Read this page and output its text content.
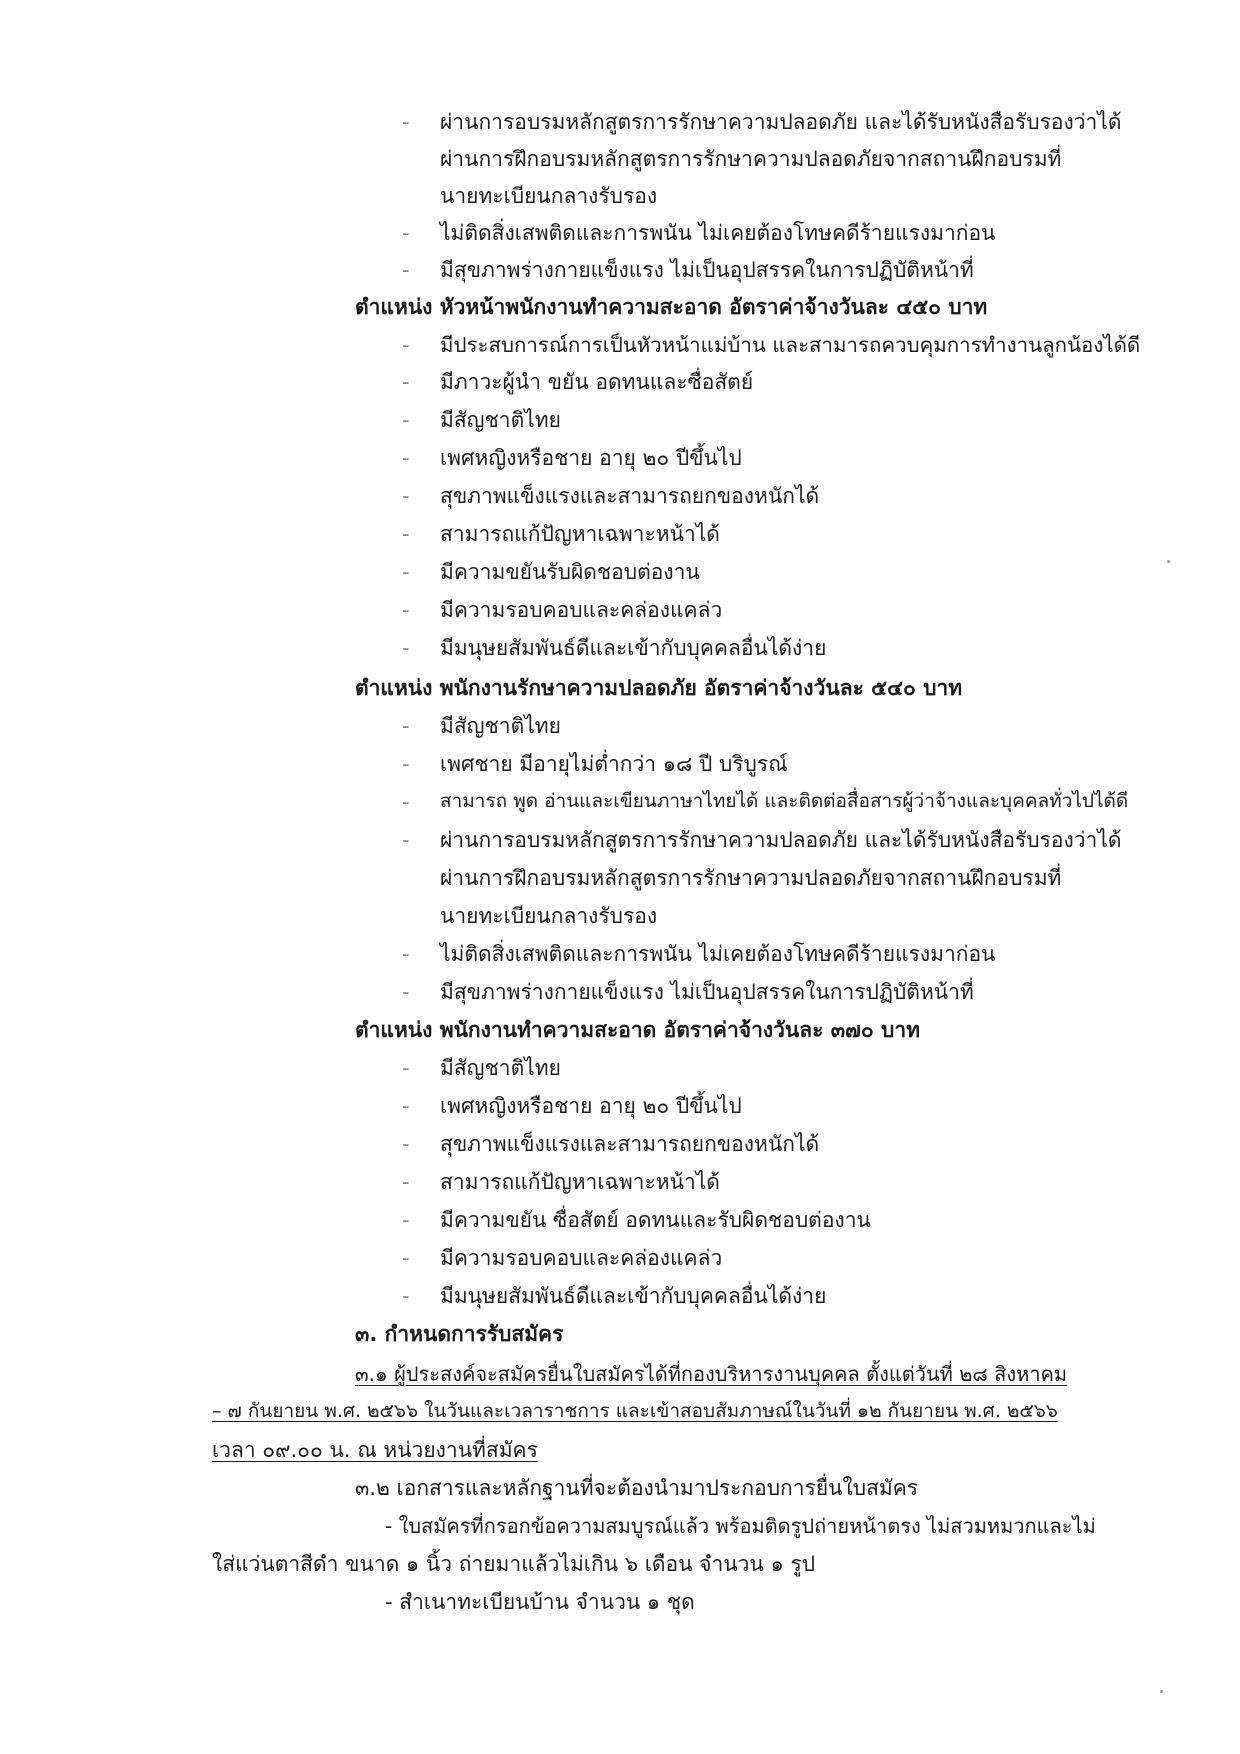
- ผ่านการอบรมหลักสูตรการรักษาความปลอดภัย และได้รับหนังสือรับรองว่าได้
ผ่านการฝึกอบรมหลักสูตรการรักษาความปลอดภัยจากสถานฝึกอบรมที่
นายทะเบียนกลางรับรอง
- ไม่ติดสิ่งเสพติดและการพนัน ไม่เคยต้องโทษคดีร้ายแรงมาก่อน
- มีสุขภาพร่างกายแข็งแรง ไม่เป็นอุปสรรคในการปฏิบัติหน้าที่
ตำแหน่ง หัวหน้าพนักงานทำความสะอาด อัตราค่าจ้างวันละ ๔๕๐ บาท
- มีประสบการณ์การเป็นหัวหน้าแม่บ้าน และสามารถควบคุมการทำงานลูกน้องได้ดี
- มีภาวะผู้นำ ขยัน อดทนและซื่อสัตย์
- มีสัญชาติไทย
- เพศหญิงหรือชาย อายุ ๒๐ ปีขึ้นไป
- สุขภาพแข็งแรงและสามารถยกของหนักได้
- สามารถแก้ปัญหาเฉพาะหน้าได้
- มีความขยันรับผิดชอบต่องาน
- มีความรอบคอบและคล่องแคล่ว
- มีมนุษยสัมพันธ์ดีและเข้ากับบุคคลอื่นได้ง่าย
ตำแหน่ง พนักงานรักษาความปลอดภัย อัตราค่าจ้างวันละ ๕๔๐ บาท
- มีสัญชาติไทย
- เพศชาย มีอายุไม่ต่ำกว่า ๑๘ ปี บริบูรณ์
- สามารถ พูด อ่านและเขียนภาษาไทยได้ และติดต่อสื่อสารผู้ว่าจ้างและบุคคลทั่วไปได้ดี
- ผ่านการอบรมหลักสูตรการรักษาความปลอดภัย และได้รับหนังสือรับรองว่าได้
ผ่านการฝึกอบรมหลักสูตรการรักษาความปลอดภัยจากสถานฝึกอบรมที่
นายทะเบียนกลางรับรอง
- ไม่ติดสิ่งเสพติดและการพนัน ไม่เคยต้องโทษคดีร้ายแรงมาก่อน
- มีสุขภาพร่างกายแข็งแรง ไม่เป็นอุปสรรคในการปฏิบัติหน้าที่
ตำแหน่ง พนักงานทำความสะอาด อัตราค่าจ้างวันละ ๓๗๐ บาท
- มีสัญชาติไทย
- เพศหญิงหรือชาย อายุ ๒๐ ปีขึ้นไป
- สุขภาพแข็งแรงและสามารถยกของหนักได้
- สามารถแก้ปัญหาเฉพาะหน้าได้
- มีความขยัน ซื่อสัตย์ อดทนและรับผิดชอบต่องาน
- มีความรอบคอบและคล่องแคล่ว
- มีมนุษยสัมพันธ์ดีและเข้ากับบุคคลอื่นได้ง่าย
๓. กำหนดการรับสมัคร
๓.๑ ผู้ประสงค์จะสมัครยื่นใบสมัครได้ที่กองบริหารงานบุคคล ตั้งแต่วันที่ ๒๘ สิงหาคม
– ๗ กันยายน พ.ศ. ๒๕๖๖ ในวันและเวลาราชการ และเข้าสอบสัมภาษณ์ในวันที่ ๑๒ กันยายน พ.ศ. ๒๕๖๖
เวลา ๐๙.๐๐ น. ณ หน่วยงานที่สมัคร
๓.๒ เอกสารและหลักฐานที่จะต้องนำมาประกอบการยื่นใบสมัคร
- ใบสมัครที่กรอกข้อความสมบูรณ์แล้ว พร้อมติดรูปถ่ายหน้าตรง ไม่สวมหมวกและไม่
ใส่แว่นตาสีดำ ขนาด ๑ นิ้ว ถ่ายมาแล้วไม่เกิน ๖ เดือน จำนวน ๑ รูป
- สำเนาทะเบียนบ้าน จำนวน ๑ ชุด
